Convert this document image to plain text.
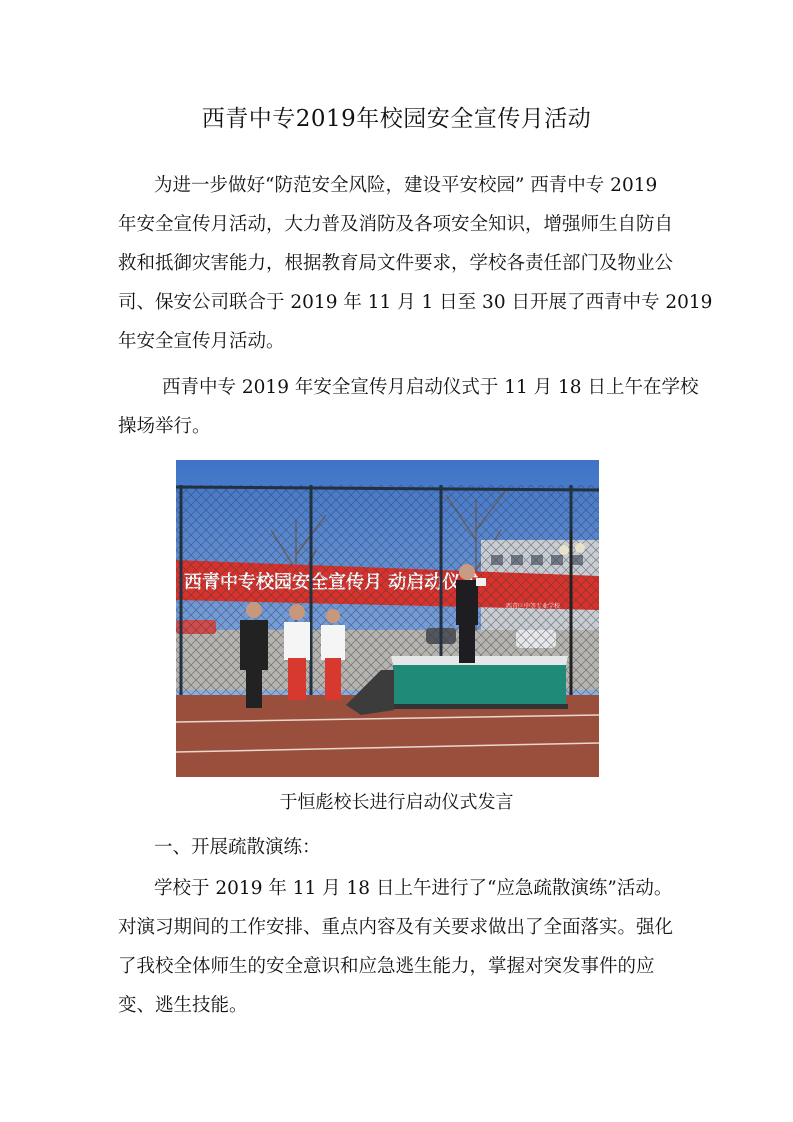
西青中专2019年校园安全宣传月活动

为进一步做好“防范安全风险，建设平安校园” 西青中专 2019
年安全宣传月活动，大力普及消防及各项安全知识，增强师生自防自
救和抵御灾害能力，根据教育局文件要求，学校各责任部门及物业公
司、保安公司联合于 2019 年 11 月 1 日至 30 日开展了西青中专 2019
年安全宣传月活动。

西青中专 2019 年安全宣传月启动仪式于 11 月 18 日上午在学校
操场举行。

于恒彪校长进行启动仪式发言

一、开展疏散演练：

学校于 2019 年 11 月 18 日上午进行了“应急疏散演练”活动。
对演习期间的工作安排、重点内容及有关要求做出了全面落实。强化
了我校全体师生的安全意识和应急逃生能力，掌握对突发事件的应
变、逃生技能。
